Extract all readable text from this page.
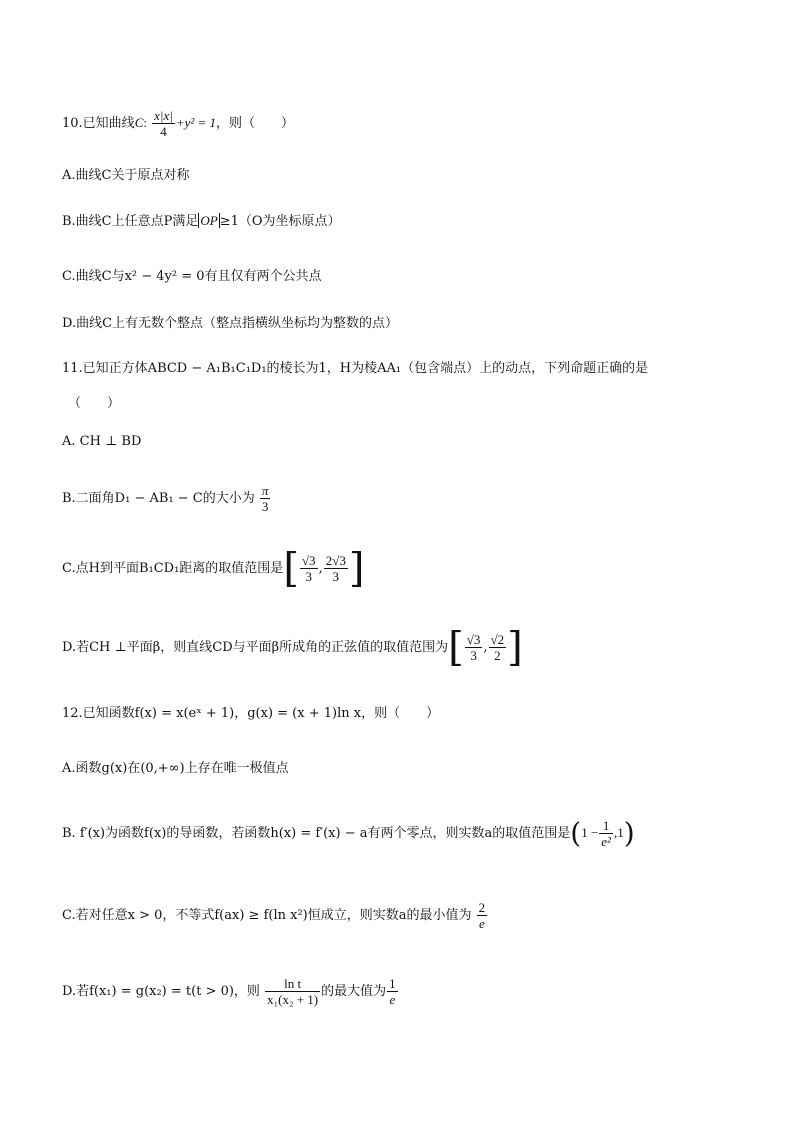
10.已知曲线C: $\frac{x|x|}{4} +y^2 = 1$，则（　　）
A.曲线C关于原点对称
B.曲线C上任意点P满足 OP ≥1（O为坐标原点）
C.曲线C与x² − 4y² = 0有且仅有两个公共点
D.曲线C上有无数个整点（整点指横纵坐标均为整数的点）
11.已知正方体ABCD − A₁B₁C₁D₁的棱长为1，H为棱AA₁（包含端点）上的动点，下列命题正确的是
（　　）
A. CH ⊥ BD
B.二面角D₁ − AB₁ − C的大小为 $\frac{\pi}{3}$
C.点H到平面B₁CD₁距离的取值范围是[ $\frac{√3}{3}$ , $\frac{2√3}{3}$ ]
D.若CH ⊥平面β，则直线CD与平面β所成角的正弦值的取值范围为[ $\frac{√3}{3}$ , $\frac{√2}{2}$ ]
12.已知函数f(x) = x(eˣ + 1)，g(x) = (x + 1)ln x，则（　　）
A.函数g(x)在(0,+∞)上存在唯一极值点
B. f′(x)为函数f(x)的导函数，若函数h(x) = f′(x) − a有两个零点，则实数a的取值范围是$(1 - \frac{1}{\text{e²}} ,1)$
C.若对任意x > 0，不等式f(ax) ≥ f(ln x²)恒成立，则实数a的最小值为 $\frac{2}{e}$
D.若f(x₁) = g(x₂) = t(t > 0)，则 $\frac{\text{ln t}}{\text{x₁(x₂ + 1)}}$ 的最大值为 $\frac{1}{e}$
